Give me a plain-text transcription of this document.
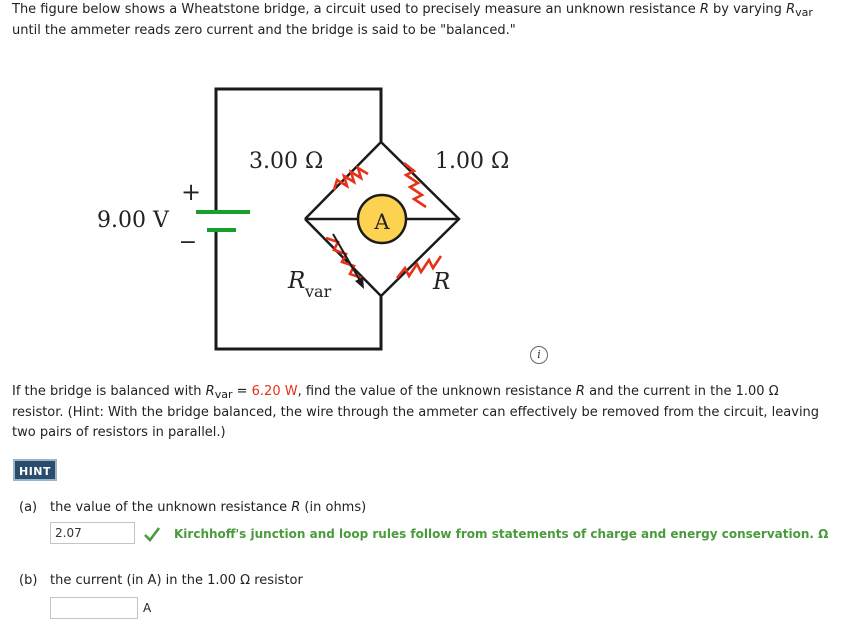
The figure below shows a Wheatstone bridge, a circuit used to precisely measure an unknown resistance R by varying $R_{var}$

until the ammeter reads zero current and the bridge is said to be "balanced."

A
9.00 V
+
−
3.00 Ω	1.00 Ω
R var	R
i

If the bridge is balanced with $R_{var} = 6.20$ W, find the value of the unknown resistance R and the current in the 1.00 Ω

resistor. (Hint: With the bridge balanced, the wire through the ammeter can effectively be removed from the circuit, leaving

two pairs of resistors in parallel.)

HINT

(a) the value of the unknown resistance R (in ohms)

2.07	Kirchhoff's junction and loop rules follow from statements of charge and energy conservation. Ω

(b) the current (in A) in the 1.00 Ω resistor

A
